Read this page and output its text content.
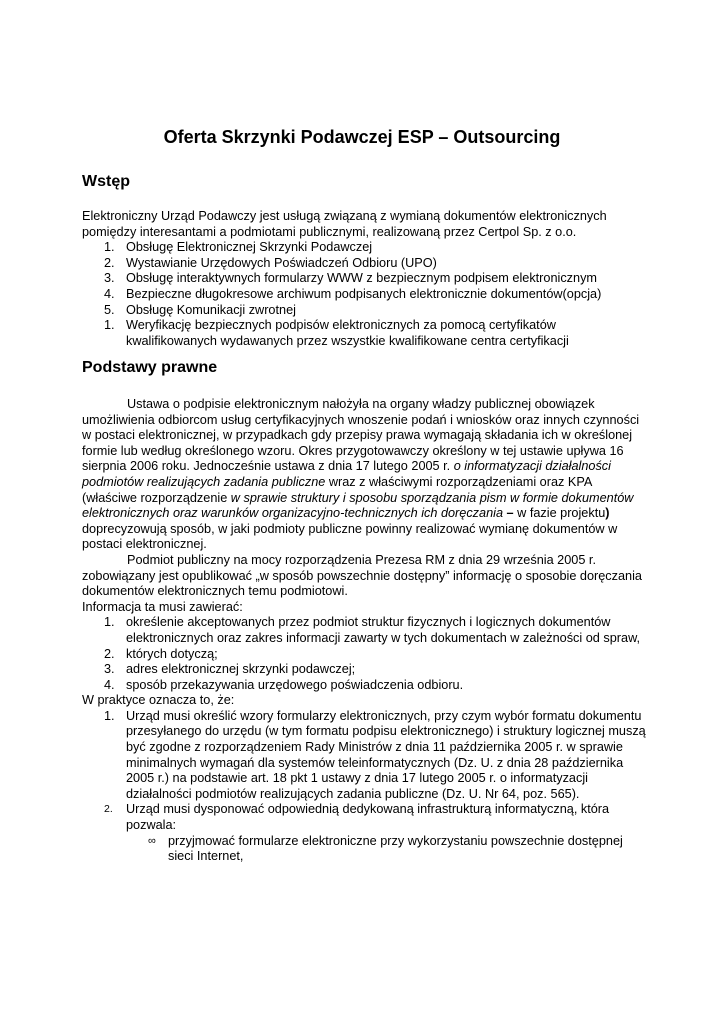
Oferta Skrzynki Podawczej ESP – Outsourcing
Wstęp

Elektroniczny Urząd Podawczy jest usługą związaną z wymianą dokumentów elektronicznych pomiędzy interesantami a podmiotami publicznymi, realizowaną przez Certpol Sp. z o.o.

1. Obsługę Elektronicznej Skrzynki Podawczej
2. Wystawianie Urzędowych Poświadczeń Odbioru (UPO)
3. Obsługę interaktywnych formularzy WWW z bezpiecznym podpisem elektronicznym
4. Bezpieczne długokresowe archiwum podpisanych elektronicznie dokumentów(opcja)
5. Obsługę Komunikacji zwrotnej
1. Weryfikację bezpiecznych podpisów elektronicznych za pomocą certyfikatów kwalifikowanych wydawanych przez wszystkie kwalifikowane centra certyfikacji
Podstawy prawne

Ustawa o podpisie elektronicznym nałożyła na organy władzy publicznej obowiązek umożliwienia odbiorcom usług certyfikacyjnych wnoszenie podań i wniosków oraz innych czynności w postaci elektronicznej, w przypadkach gdy przepisy prawa wymagają składania ich w określonej formie lub według określonego wzoru. Okres przygotowawczy określony w tej ustawie upływa 16 sierpnia 2006 roku. Jednocześnie ustawa z dnia 17 lutego 2005 r. o informatyzacji działalności podmiotów realizujących zadania publiczne wraz z właściwymi rozporządzeniami oraz KPA (właściwe rozporządzenie w sprawie struktury i sposobu sporządzania pism w formie dokumentów elektronicznych oraz warunków organizacyjno-technicznych ich doręczania – w fazie projektu) doprecyzowują sposób, w jaki podmioty publiczne powinny realizować wymianę dokumentów w postaci elektronicznej.

Podmiot publiczny na mocy rozporządzenia Prezesa RM z dnia 29 września 2005 r. zobowiązany jest opublikować „w sposób powszechnie dostępny” informację o sposobie doręczania dokumentów elektronicznych temu podmiotowi.

Informacja ta musi zawierać:

1. określenie akceptowanych przez podmiot struktur fizycznych i logicznych dokumentów elektronicznych oraz zakres informacji zawarty w tych dokumentach w zależności od spraw,
2. których dotyczą;
3. adres elektronicznej skrzynki podawczej;
4. sposób przekazywania urzędowego poświadczenia odbioru.

W praktyce oznacza to, że:

1. Urząd musi określić wzory formularzy elektronicznych, przy czym wybór formatu dokumentu przesyłanego do urzędu (w tym formatu podpisu elektronicznego) i struktury logicznej muszą być zgodne z rozporządzeniem Rady Ministrów z dnia 11 października 2005 r. w sprawie minimalnych wymagań dla systemów teleinformatycznych (Dz. U. z dnia 28 października 2005 r.) na podstawie art. 18 pkt 1 ustawy z dnia 17 lutego 2005 r. o informatyzacji działalności podmiotów realizujących zadania publiczne (Dz. U. Nr 64, poz. 565).
2. Urząd musi dysponować odpowiednią dedykowaną infrastrukturą informatyczną, która pozwala:
∞ przyjmować formularze elektroniczne przy wykorzystaniu powszechnie dostępnej sieci Internet,
